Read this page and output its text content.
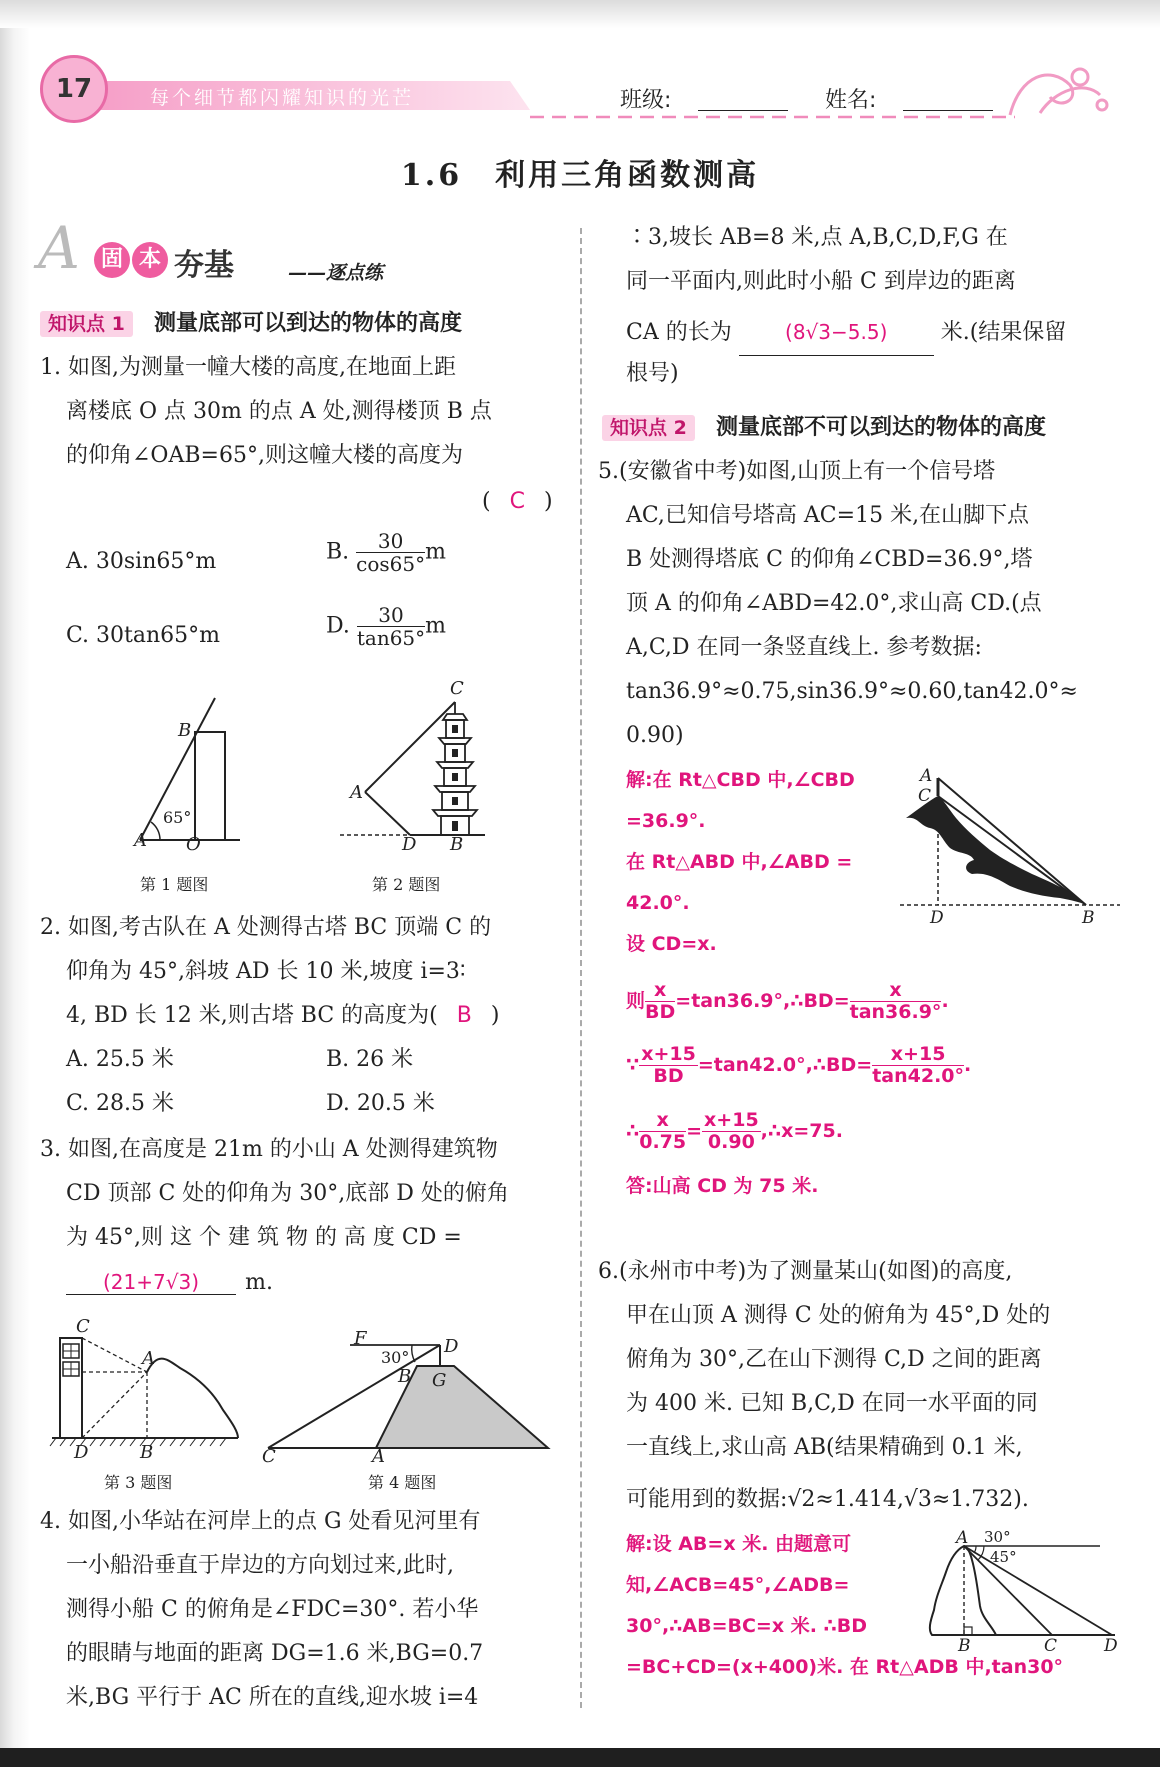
17	每个细节都闪耀知识的光芒	班级:	姓名:
1.6　利用三角函数测高
A 固 本 夯基	——逐点练
知识点 1 测量底部可以到达的物体的高度
1. 如图,为测量一幢大楼的高度,在地面上距
离楼底 O 点 30m 的点 A 处,测得楼顶 B 点
的仰角∠OAB=65°,则这幢大楼的高度为
( C )
A. 30sin65°m	B. $\frac{30}{\cos 65^\circ}$ m
C. 30tan65°m	D. $\frac{30}{\tan 65^\circ}$ m
B
A O
65°
第 1 题图
C
A
D B
第 2 题图
2. 如图,考古队在 A 处测得古塔 BC 顶端 C 的
仰角为 45°,斜坡 AD 长 10 米,坡度 i=3∶
4, BD 长 12 米,则古塔 BC 的高度为( B )
A. 25.5 米	B. 26 米
C. 28.5 米	D. 20.5 米
3. 如图,在高度是 21m 的小山 A 处测得建筑物
CD 顶部 C 处的仰角为 30°,底部 D 处的俯角
为 45°,则 这 个 建 筑 物 的 高 度 CD =
(21+7√3) m.
C
A
D	B
第 3 题图
F	D
30°
B G
C	A
第 4 题图
4. 如图,小华站在河岸上的点 G 处看见河里有
一小船沿垂直于岸边的方向划过来,此时,
测得小船 C 的俯角是∠FDC=30°. 若小华
的眼睛与地面的距离 DG=1.6 米,BG=0.7
米,BG 平行于 AC 所在的直线,迎水坡 i=4
∶3,坡长 AB=8 米,点 A,B,C,D,F,G 在
同一平面内,则此时小船 C 到岸边的距离
CA 的长为	(8√3−5.5) 米.(结果保留
根号)
知识点 2 测量底部不可以到达的物体的高度
5.(安徽省中考)如图,山顶上有一个信号塔
AC,已知信号塔高 AC=15 米,在山脚下点
B 处测得塔底 C 的仰角∠CBD=36.9°,塔
顶 A 的仰角∠ABD=42.0°,求山高 CD.(点
A,C,D 在同一条竖直线上. 参考数据:
tan36.9°≈0.75,sin36.9°≈0.60,tan42.0°≈
0.90)
解:在 Rt△CBD 中,∠CBD
=36.9°.
在 Rt△ABD 中,∠ABD =
42.0°.
设 CD=x.
则 $\frac{x}{BD}$ =tan36.9°,∴BD= $\frac{x}{\tan 36.9^\circ}$ .
∵ $\frac{x+15}{BD}$ =tan42.0°,∴BD= $\frac{x+15}{\tan 42.0^\circ}$ .
∴ $\frac{x}{0.75} = \frac{x+15}{0.90}$ ,∴x=75.
答:山高 CD 为 75 米.
A
C
D	B
6.(永州市中考)为了测量某山(如图)的高度,
甲在山顶 A 测得 C 处的俯角为 45°,D 处的
俯角为 30°,乙在山下测得 C,D 之间的距离
为 400 米. 已知 B,C,D 在同一水平面的同
一直线上,求山高 AB(结果精确到 0.1 米,
可能用到的数据:√2≈1.414,√3≈1.732).
解:设 AB=x 米. 由题意可
知,∠ACB=45°,∠ADB=
30°,∴AB=BC=x 米. ∴BD
=BC+CD=(x+400)米. 在 Rt△ADB 中,tan30°
A 30°
45°
B	C	D
